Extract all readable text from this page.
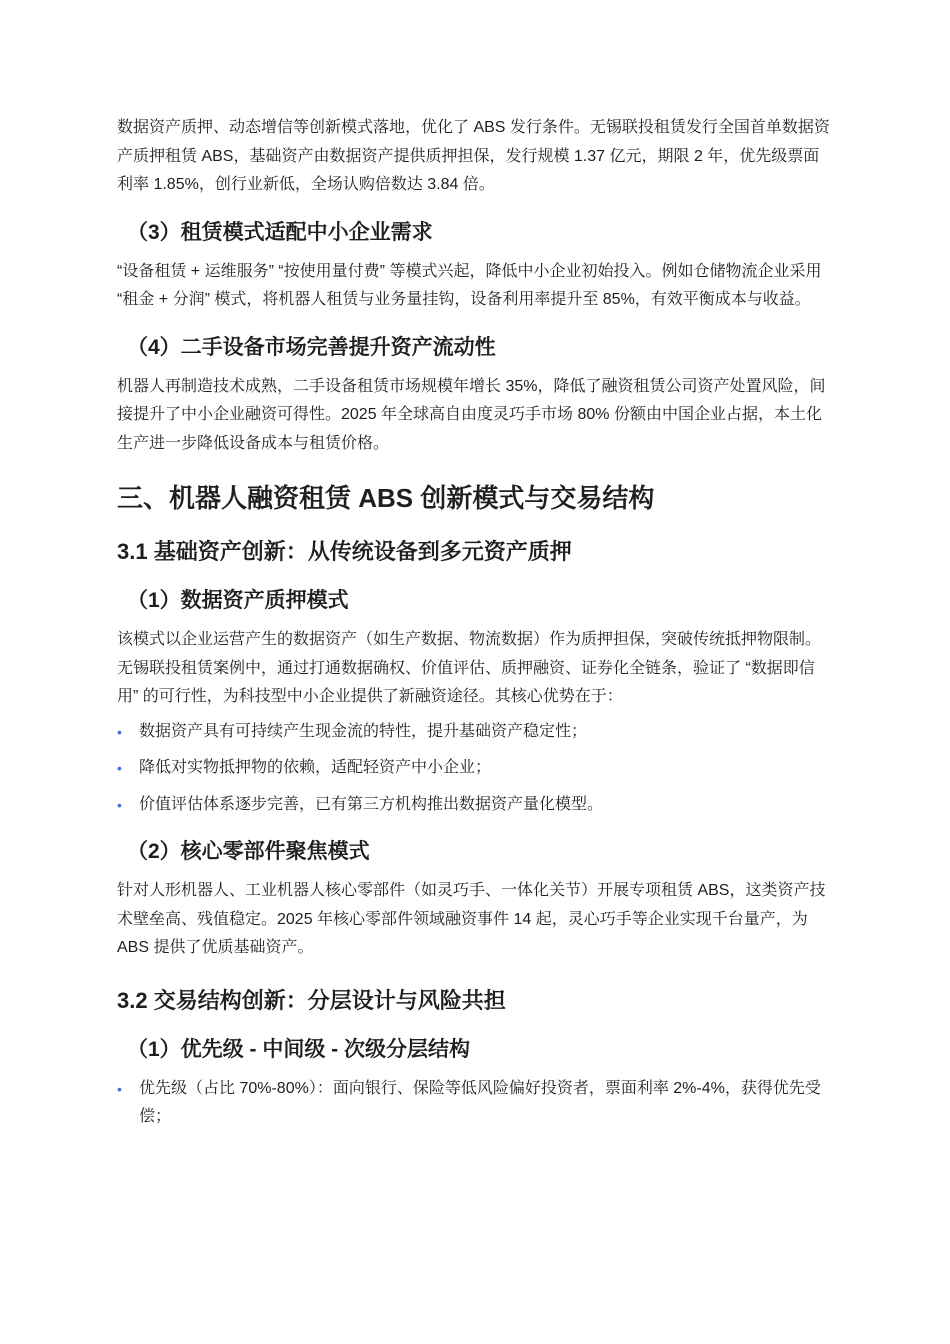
数据资产质押、动态增信等创新模式落地，优化了 ABS 发行条件。无锡联投租赁发行全国首单数据资产质押租赁 ABS，基础资产由数据资产提供质押担保，发行规模 1.37 亿元，期限 2 年，优先级票面利率 1.85%，创行业新低，全场认购倍数达 3.84 倍。

（3）租赁模式适配中小企业需求

“设备租赁 + 运维服务” “按使用量付费” 等模式兴起，降低中小企业初始投入。例如仓储物流企业采用 “租金 + 分润” 模式，将机器人租赁与业务量挂钩，设备利用率提升至 85%，有效平衡成本与收益。

（4）二手设备市场完善提升资产流动性

机器人再制造技术成熟，二手设备租赁市场规模年增长 35%，降低了融资租赁公司资产处置风险，间接提升了中小企业融资可得性。2025 年全球高自由度灵巧手市场 80% 份额由中国企业占据，本土化生产进一步降低设备成本与租赁价格。

三、机器人融资租赁 ABS 创新模式与交易结构
3.1 基础资产创新：从传统设备到多元资产质押
（1）数据资产质押模式

该模式以企业运营产生的数据资产（如生产数据、物流数据）作为质押担保，突破传统抵押物限制。无锡联投租赁案例中，通过打通数据确权、价值评估、质押融资、证券化全链条，验证了 “数据即信用” 的可行性，为科技型中小企业提供了新融资途径。其核心优势在于：

• 数据资产具有可持续产生现金流的特性，提升基础资产稳定性；
• 降低对实物抵押物的依赖，适配轻资产中小企业；
• 价值评估体系逐步完善，已有第三方机构推出数据资产量化模型。
（2）核心零部件聚焦模式

针对人形机器人、工业机器人核心零部件（如灵巧手、一体化关节）开展专项租赁 ABS，这类资产技术壁垒高、残值稳定。2025 年核心零部件领域融资事件 14 起，灵心巧手等企业实现千台量产，为 ABS 提供了优质基础资产。

3.2 交易结构创新：分层设计与风险共担
（1）优先级 - 中间级 - 次级分层结构
• 优先级（占比 70%-80%）：面向银行、保险等低风险偏好投资者，票面利率 2%-4%，获得优先受偿；
